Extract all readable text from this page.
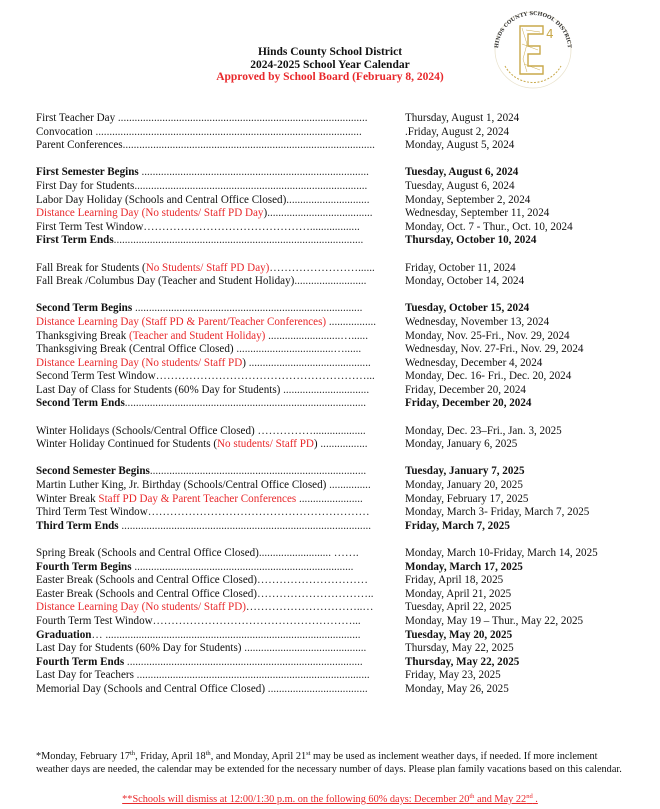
Hinds County School District
2024-2025 School Year Calendar
Approved by School Board (February 8, 2024)
HINDS COUNTY SCHOOL DISTRICT
4
First Teacher Day ..........................................................................................	Thursday, August 1, 2024
Convocation ................................................................................................	.Friday, August 2, 2024
Parent Conferences...........................................................................................	Monday, August 5, 2024
First Semester Begins ..................................................................................	Tuesday, August 6, 2024
First Day for Students....................................................................................	Tuesday, August 6, 2024
Labor Day Holiday (Schools and Central Office Closed)..............................	Monday, September 2, 2024
Distance Learning Day (No students/ Staff PD Day)......................................	Wednesday, September 11, 2024
First Term Test Window………………………………………..................	Monday, Oct. 7 - Thur., Oct. 10, 2024
First Term Ends..........................................................................................	Thursday, October 10, 2024
Fall Break for Students (No Students/ Staff PD Day)……………………......	Friday, October 11, 2024
Fall Break /Columbus Day (Teacher and Student Holiday)..........................	Monday, October 14, 2024
Second Term Begins ..................................................................................	Tuesday, October 15, 2024
Distance Learning Day (Staff PD & Parent/Teacher Conferences) .................	Wednesday, November 13, 2024
Thanksgiving Break (Teacher and Student Holiday) ..........................…......	Monday, Nov. 25-Fri., Nov. 29, 2024
Thanksgiving Break (Central Office Closed) ...................................…......	Wednesday, Nov. 27-Fri., Nov. 29, 2024
Distance Learning Day (No students/ Staff PD) ............................................	Wednesday, December 4, 2024
Second Term Test Window…………………………………………………...	Monday, Dec. 16- Fri., Dec. 20, 2024
Last Day of Class for Students (60% Day for Students) ...............................	Friday, December 20, 2024
Second Term Ends.......................................................................................	Friday, December 20, 2024
Winter Holidays (Schools/Central Office Closed) ……………...................	Monday, Dec. 23–Fri., Jan. 3, 2025
Winter Holiday Continued for Students (No students/ Staff PD) .................	Monday, January 6, 2025
Second Semester Begins..............................................................................	Tuesday, January 7, 2025
Martin Luther King, Jr. Birthday (Schools/Central Office Closed) ...............	Monday, January 20, 2025
Winter Break Staff PD Day & Parent Teacher Conferences .......................	Monday, February 17, 2025
Third Term Test Window……………………………………………………	Monday, March 3- Friday, March 7, 2025
Third Term Ends ..........................................................................................	Friday, March 7, 2025
Spring Break (Schools and Central Office Closed).......................... …….	Monday, March 10-Friday, March 14, 2025
Fourth Term Begins ...............................................................................	Monday, March 17, 2025
Easter Break (Schools and Central Office Closed)…………………………	Friday, April 18, 2025
Easter Break (Schools and Central Office Closed)…………………………..	Monday, April 21, 2025
Distance Learning Day (No students/ Staff PD)…………………………..…	Tuesday, April 22, 2025
Fourth Term Test Window………………………………………………...	Monday, May 19 – Thur., May 22, 2025
Graduation… ............................................................................................	Tuesday, May 20, 2025
Last Day for Students (60% Day for Students) ............................................	Thursday, May 22, 2025
Fourth Term Ends .....................................................................................	Thursday, May 22, 2025
Last Day for Teachers ....................................................................................	Friday, May 23, 2025
Memorial Day (Schools and Central Office Closed) ....................................	Monday, May 26, 2025
*Monday, February 17th, Friday, April 18th, and Monday, April 21st may be used as inclement weather days, if needed. If more inclement weather days are needed, the calendar may be extended for the necessary number of days. Please plan family vacations based on this calendar.
**Schools will dismiss at 12:00/1:30 p.m. on the following 60% days: December 20th and May 22nd .
